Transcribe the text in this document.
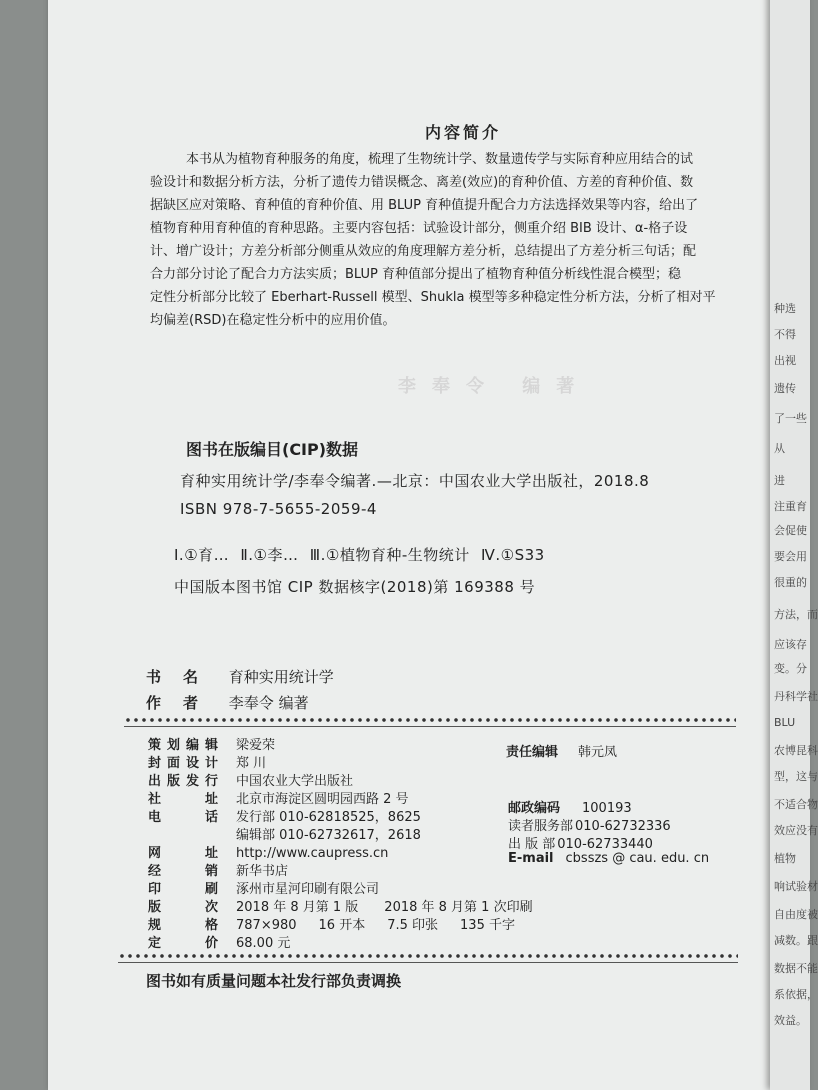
种选
不得
出视
遗传
了一些
从
进
注重育
会促使
要会用
很重的
方法，而
应该存
变。分
丹科学社
BLU
农博昆科
型，这与
不适合物
效应没有
植物
响试验材
自由度被
减数。跟
数据不能
系依据，
效益。
内容简介
本书从为植物育种服务的角度，梳理了生物统计学、数量遗传学与实际育种应用结合的试
验设计和数据分析方法，分析了遗传力错误概念、离差(效应)的育种价值、方差的育种价值、数
据缺区应对策略、育种值的育种价值、用 BLUP 育种值提升配合力方法选择效果等内容，给出了
植物育种用育种值的育种思路。主要内容包括：试验设计部分，侧重介绍 BIB 设计、α-格子设
计、增广设计；方差分析部分侧重从效应的角度理解方差分析，总结提出了方差分析三句话；配
合力部分讨论了配合力方法实质；BLUP 育种值部分提出了植物育种值分析线性混合模型；稳
定性分析部分比较了 Eberhart-Russell 模型、Shukla 模型等多种稳定性分析方法，分析了相对平
均偏差(RSD)在稳定性分析中的应用价值。
李奉令 编著
图书在版编目(CIP)数据
育种实用统计学/李奉令编著.—北京：中国农业大学出版社，2018.8
ISBN 978-7-5655-2059-4
Ⅰ.①育… Ⅱ.①李… Ⅲ.①植物育种-生物统计 Ⅳ.①S33
中国版本图书馆 CIP 数据核字(2018)第 169388 号
书名 育种实用统计学
作者 李奉令 编著
策划编辑 梁爱荣
封面设计 郑 川
出版发行 中国农业大学出版社
社址 北京市海淀区圆明园西路 2 号
电话 发行部 010-62818525，8625
编辑部 010-62732617，2618
网址 http://www.caupress.cn
经销 新华书店
印刷 涿州市星河印刷有限公司
版次 2018 年 8 月第 1 版 2018 年 8 月第 1 次印刷
规格 787×980 16 开本 7.5 印张 135 千字
定价 68.00 元
责任编辑 韩元凤
邮政编码 100193
读者服务部 010-62732336
出 版 部 010-62733440
E-mail cbsszs @ cau. edu. cn
图书如有质量问题本社发行部负责调换
